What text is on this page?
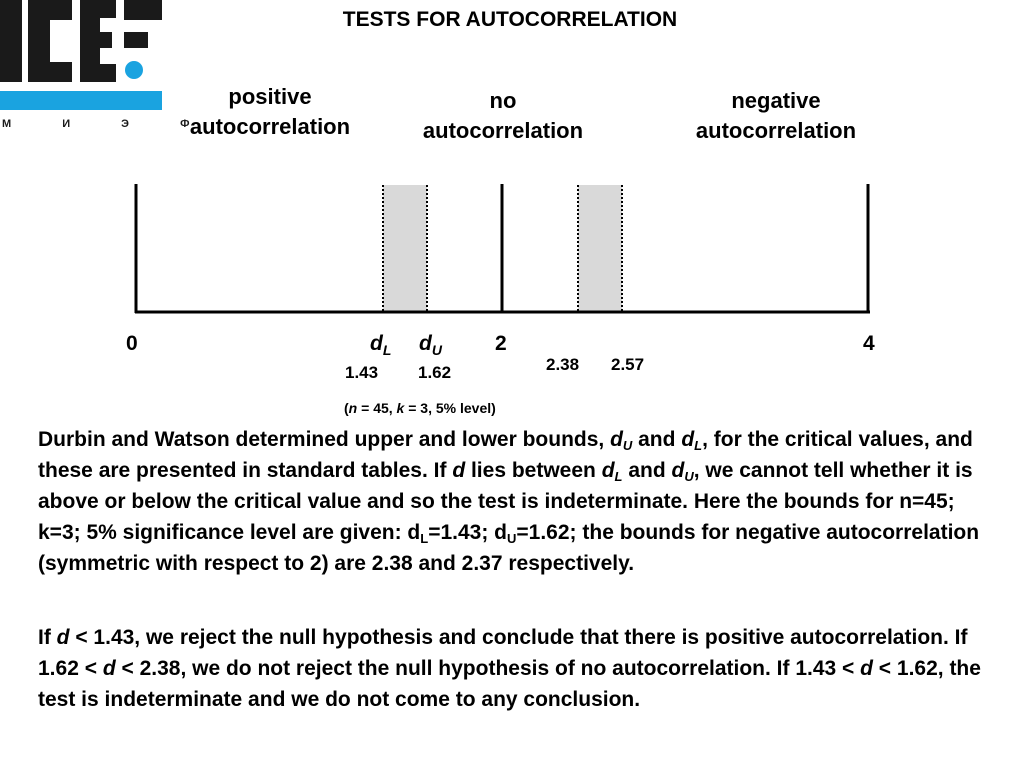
М И Э Ф
TESTS FOR AUTOCORRELATION
positive
autocorrelation
no
autocorrelation
negative
autocorrelation
0	$d_L$ $d_U$	2	4
1.43 1.62	2.38 2.57
(n = 45, k = 3, 5% level)

Durbin and Watson determined upper and lower bounds, $d_U$ and $d_L$, for the critical values, and these are presented in standard tables. If d lies between $d_L$ and $d_U$, we cannot tell whether it is above or below the critical value and so the test is indeterminate. Here the bounds for n=45; k=3; 5% significance level are given: $d_L=1.43$; $d_U=1.62$; the bounds for negative autocorrelation (symmetric with respect to 2) are 2.38 and 2.37 respectively.

If d < 1.43, we reject the null hypothesis and conclude that there is positive autocorrelation. If 1.62 < d < 2.38, we do not reject the null hypothesis of no autocorrelation. If 1.43 < d < 1.62, the test is indeterminate and we do not come to any conclusion.
